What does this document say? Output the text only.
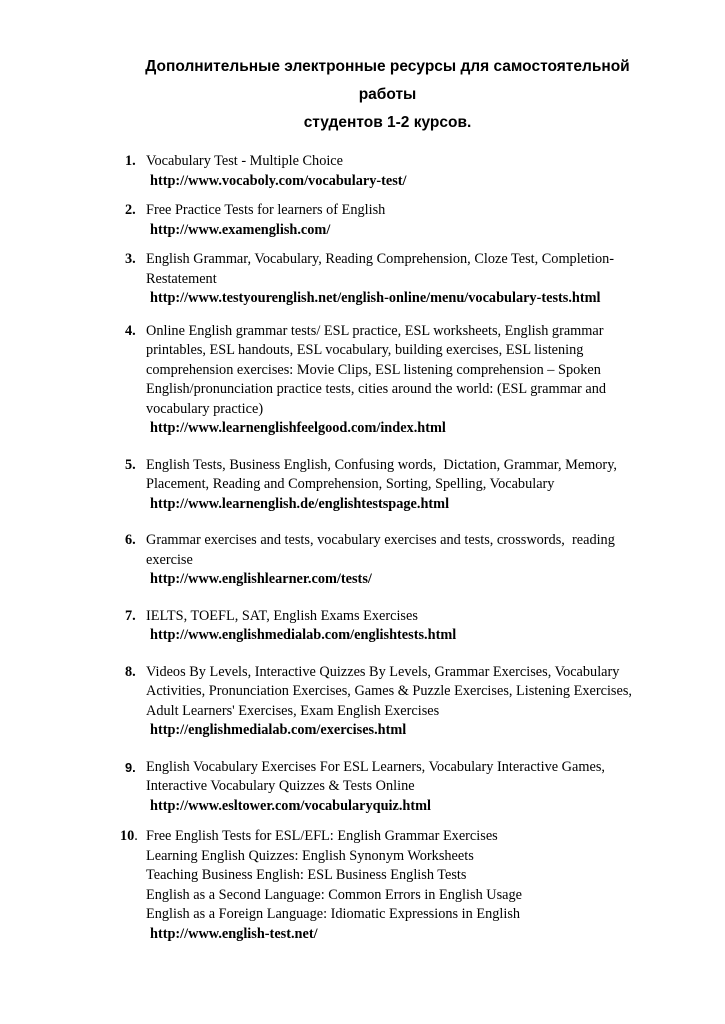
Дополнительные электронные ресурсы для самостоятельной работы
студентов 1-2 курсов.
1. Vocabulary Test - Multiple Choice
http://www.vocaboly.com/vocabulary-test/
2. Free Practice Tests for learners of English
http://www.examenglish.com/
3. English Grammar, Vocabulary, Reading Comprehension, Cloze Test, Completion-
Restatement
http://www.testyourenglish.net/english-online/menu/vocabulary-tests.html
4. Online English grammar tests/ ESL practice, ESL worksheets, English grammar
printables, ESL handouts, ESL vocabulary, building exercises, ESL listening
comprehension exercises: Movie Clips, ESL listening comprehension – Spoken
English/pronunciation practice tests, cities around the world: (ESL grammar and
vocabulary practice)
http://www.learnenglishfeelgood.com/index.html
5. English Tests, Business English, Confusing words,  Dictation, Grammar, Memory,
Placement, Reading and Comprehension, Sorting, Spelling, Vocabulary
http://www.learnenglish.de/englishtestspage.html
6. Grammar exercises and tests, vocabulary exercises and tests, crosswords,  reading
exercise
http://www.englishlearner.com/tests/
7. IELTS, TOEFL, SAT, English Exams Exercises
http://www.englishmedialab.com/englishtests.html
8. Videos By Levels, Interactive Quizzes By Levels, Grammar Exercises, Vocabulary
Activities, Pronunciation Exercises, Games & Puzzle Exercises, Listening Exercises,
Adult Learners' Exercises, Exam English Exercises
http://englishmedialab.com/exercises.html
9. English Vocabulary Exercises For ESL Learners, Vocabulary Interactive Games,
Interactive Vocabulary Quizzes & Tests Online
http://www.esltower.com/vocabularyquiz.html
10. Free English Tests for ESL/EFL: English Grammar Exercises
Learning English Quizzes: English Synonym Worksheets
Teaching Business English: ESL Business English Tests
English as a Second Language: Common Errors in English Usage
English as a Foreign Language: Idiomatic Expressions in English
http://www.english-test.net/
